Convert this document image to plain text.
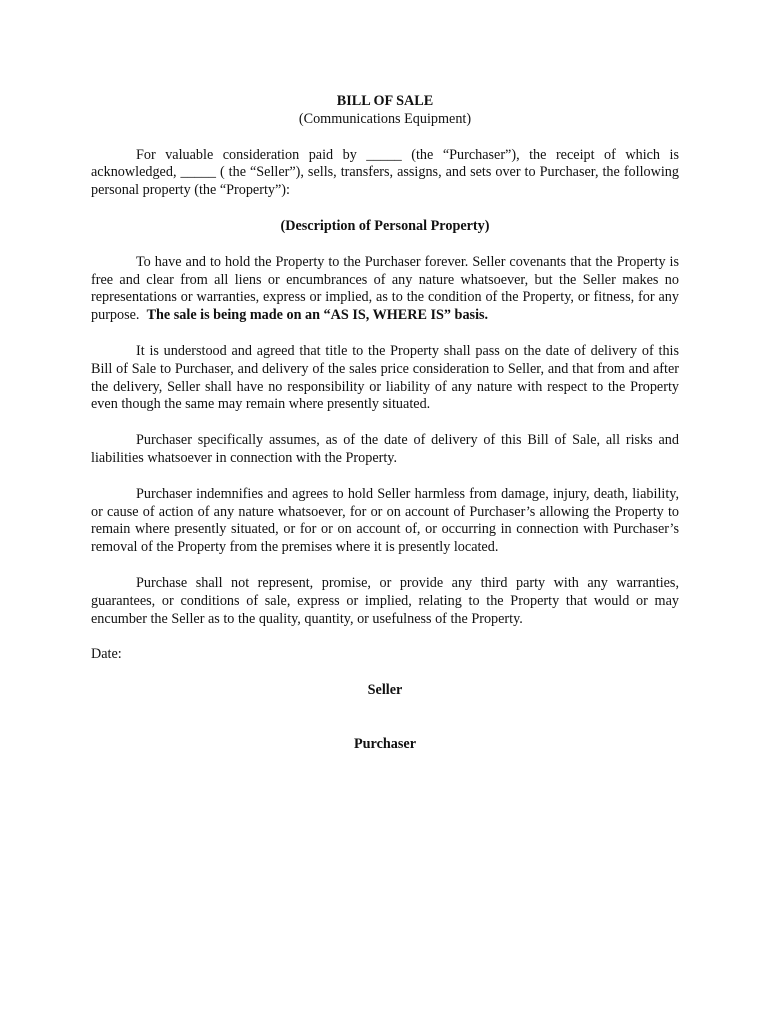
BILL OF SALE

(Communications Equipment)

For valuable consideration paid by _____ (the “Purchaser”), the receipt of which is acknowledged, _____ ( the “Seller”), sells, transfers, assigns, and sets over to Purchaser, the following personal property (the “Property”):

(Description of Personal Property)

To have and to hold the Property to the Purchaser forever. Seller covenants that the Property is free and clear from all liens or encumbrances of any nature whatsoever, but the Seller makes no representations or warranties, express or implied, as to the condition of the Property, or fitness, for any purpose. The sale is being made on an “AS IS, WHERE IS” basis.

It is understood and agreed that title to the Property shall pass on the date of delivery of this Bill of Sale to Purchaser, and delivery of the sales price consideration to Seller, and that from and after the delivery, Seller shall have no responsibility or liability of any nature with respect to the Property even though the same may remain where presently situated.

Purchaser specifically assumes, as of the date of delivery of this Bill of Sale, all risks and liabilities whatsoever in connection with the Property.

Purchaser indemnifies and agrees to hold Seller harmless from damage, injury, death, liability, or cause of action of any nature whatsoever, for or on account of Purchaser’s allowing the Property to remain where presently situated, or for or on account of, or occurring in connection with Purchaser’s removal of the Property from the premises where it is presently located.

Purchase shall not represent, promise, or provide any third party with any warranties, guarantees, or conditions of sale, express or implied, relating to the Property that would or may encumber the Seller as to the quality, quantity, or usefulness of the Property.

Date:

Seller

Purchaser
